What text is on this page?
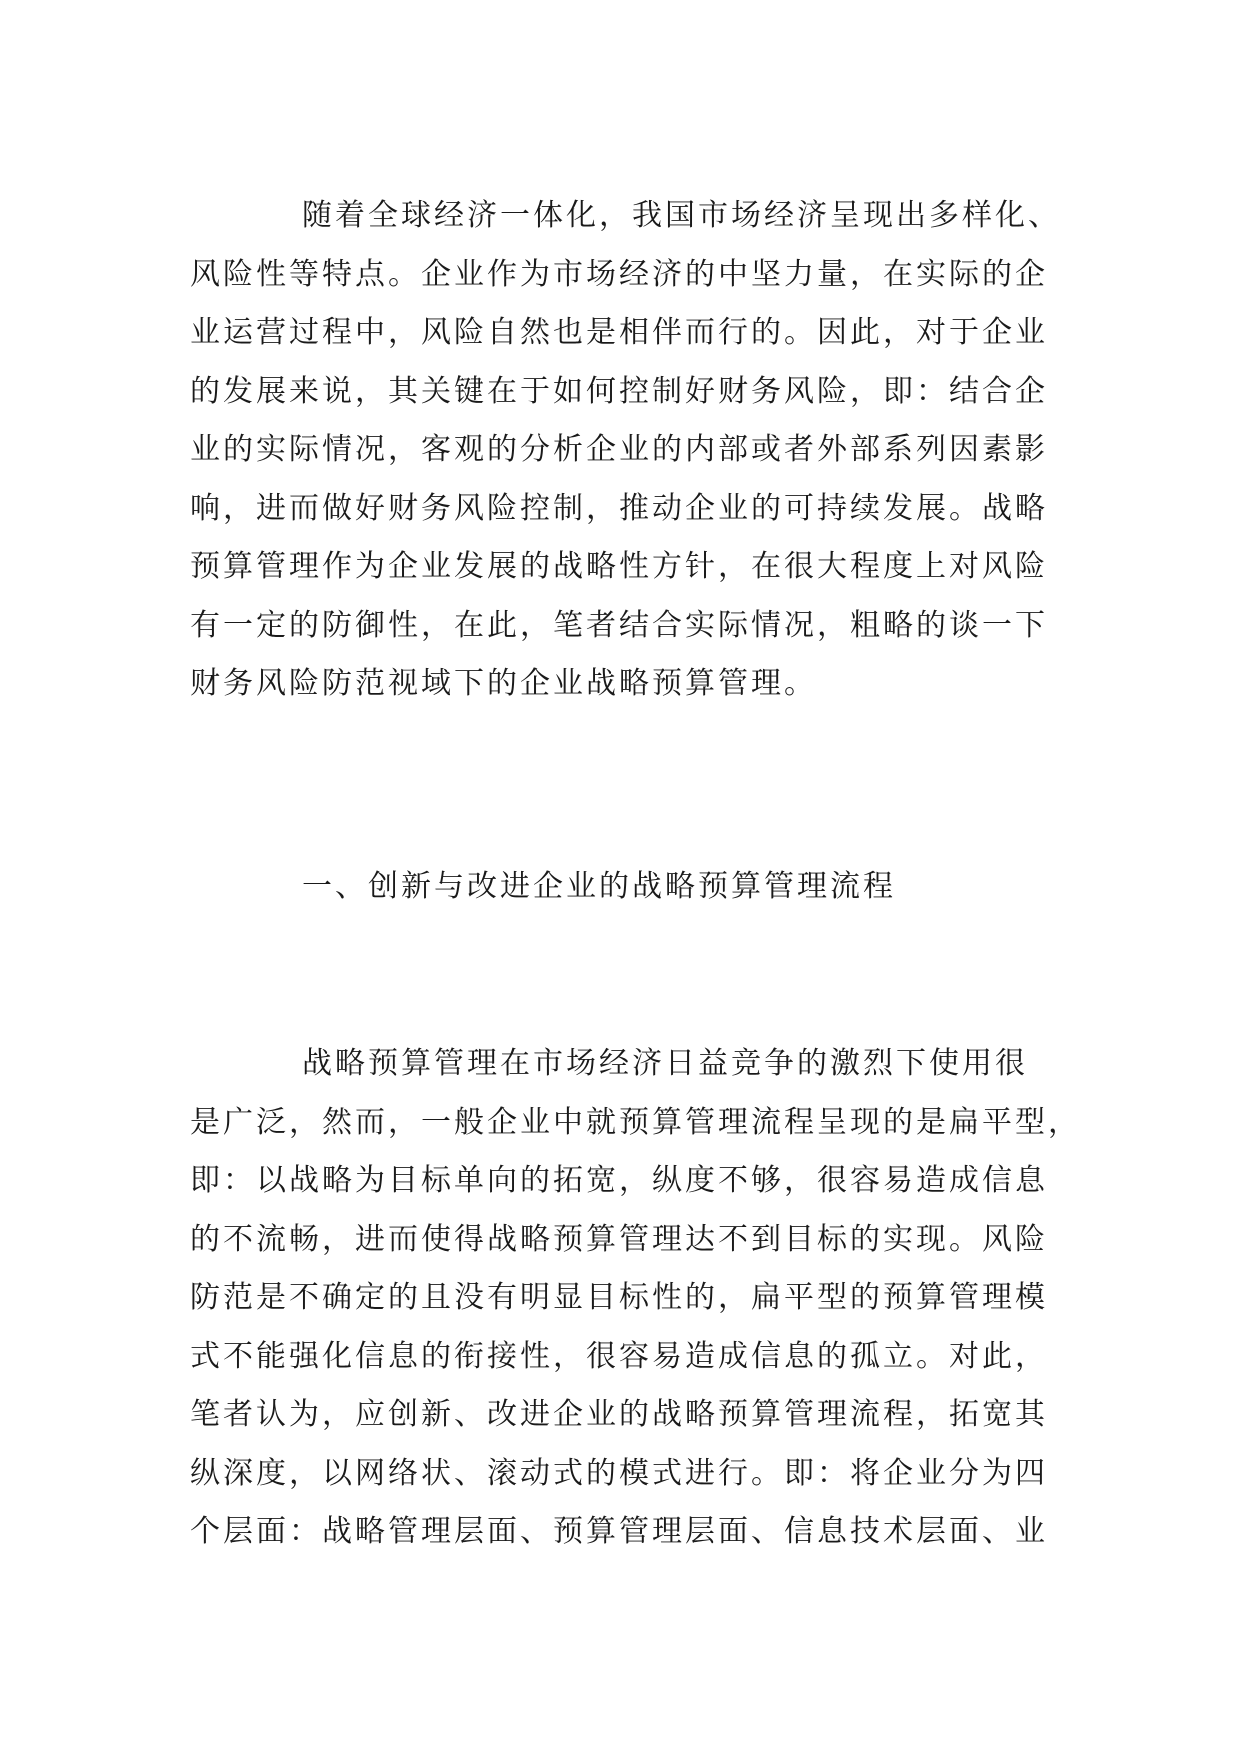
随着全球经济一体化，我国市场经济呈现出多样化、
风险性等特点。企业作为市场经济的中坚力量，在实际的企
业运营过程中，风险自然也是相伴而行的。因此，对于企业
的发展来说，其关键在于如何控制好财务风险，即：结合企
业的实际情况，客观的分析企业的内部或者外部系列因素影
响，进而做好财务风险控制，推动企业的可持续发展。战略
预算管理作为企业发展的战略性方针，在很大程度上对风险
有一定的防御性，在此，笔者结合实际情况，粗略的谈一下
财务风险防范视域下的企业战略预算管理。

一、创新与改进企业的战略预算管理流程

战略预算管理在市场经济日益竞争的激烈下使用很
是广泛，然而，一般企业中就预算管理流程呈现的是扁平型，
即：以战略为目标单向的拓宽，纵度不够，很容易造成信息
的不流畅，进而使得战略预算管理达不到目标的实现。风险
防范是不确定的且没有明显目标性的，扁平型的预算管理模
式不能强化信息的衔接性，很容易造成信息的孤立。对此，
笔者认为，应创新、改进企业的战略预算管理流程，拓宽其
纵深度，以网络状、滚动式的模式进行。即：将企业分为四
个层面：战略管理层面、预算管理层面、信息技术层面、业
